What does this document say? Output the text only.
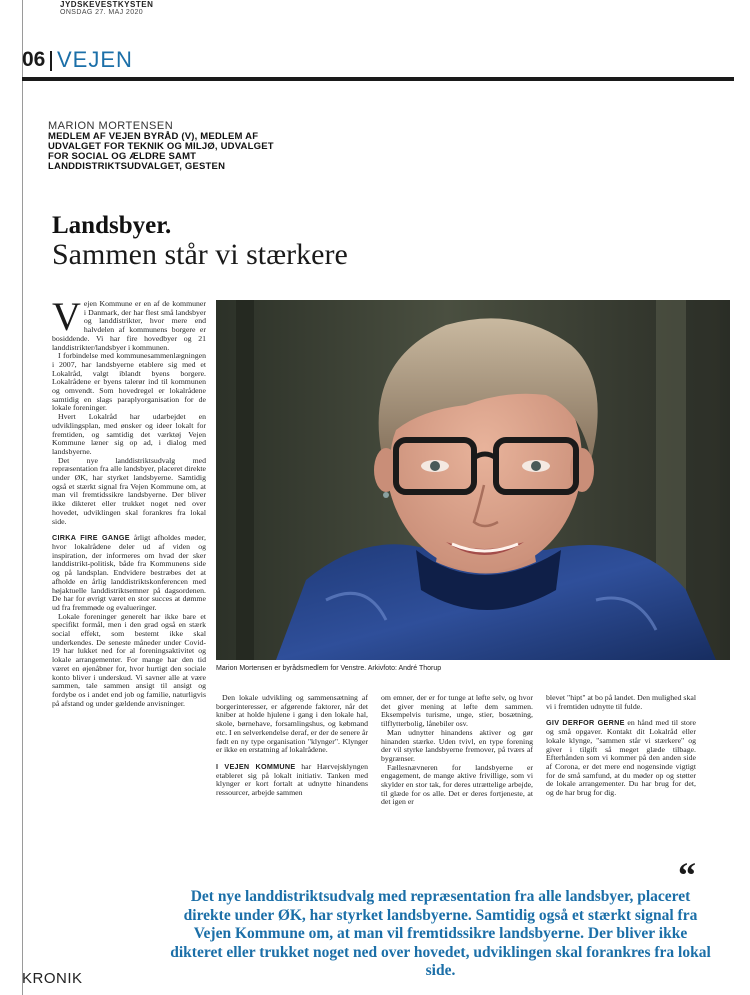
JYDSKEVESTKYSTEN
ONSDAG 27. MAJ 2020
06 VEJEN
MARION MORTENSEN
MEDLEM AF VEJEN BYRÅD (V), MEDLEM AF UDVALGET FOR TEKNIK OG MILJØ, UDVALGET FOR SOCIAL OG ÆLDRE SAMT LANDDISTRIKTSUDVALGET, GESTEN
Landsbyer.
Sammen står vi stærkere

Vejen Kommune er en af de kommuner i Danmark, der har flest små landsbyer og landdistrikter, hvor mere end halvdelen af kommunens borgere er bosiddende. Vi har fire hovedbyer og 21 landdistrikter/landsbyer i kommunen.

I forbindelse med kommunesammenlægningen i 2007, har landsbyerne etablere sig med et Lokalråd, valgt iblandt byens borgere. Lokalrådene er byens talerør ind til kommunen og omvendt. Som hovedregel er lokalrådene samtidig en slags paraplyorganisation for de lokale foreninger.

Hvert Lokalråd har udarbejdet en udviklingsplan, med ønsker og ideer lokalt for fremtiden, og samtidig det værktøj Vejen Kommune læner sig op ad, i dialog med landsbyerne.

Det nye landdistriktsudvalg med repræsentation fra alle landsbyer, placeret direkte under ØK, har styrket landsbyerne. Samtidig også et stærkt signal fra Vejen Kommune om, at man vil fremtidssikre landsbyerne. Der bliver ikke dikteret eller trukket noget ned over hovedet, udviklingen skal forankres fra lokal side.

CIRKA FIRE GANGE årligt afholdes møder, hvor lokalrådene deler ud af viden og inspiration, der informeres om hvad der sker landdistrikt-politisk, både fra Kommunens side og på landsplan. Endvidere bestræbes det at afholde en årlig landdistriktskonferencen med højaktuelle landdistriktsemner på dagsordenen. De har for øvrigt været en stor succes at dømme ud fra fremmøde og evalueringer.

Lokale foreninger generelt har ikke bare et specifikt formål, men i den grad også en stærk social effekt, som bestemt ikke skal underkendes. De seneste måneder under Covid-19 har lukket ned for al foreningsaktivitet og lokale arrangementer. For mange har den tid været en øjenåbner for, hvor hurtigt den sociale konto bliver i underskud. Vi savner alle at være sammen, tale sammen ansigt til ansigt og fordybe os i andet end job og familie, naturligvis på afstand og under gældende anvisninger.

Marion Mortensen er byrådsmedlem for Venstre. Arkivfoto: André Thorup

Den lokale udvikling og sammensætning af borgerinteresser, er afgørende faktorer, når det kniber at holde hjulene i gang i den lokale hal, skole, børnehave, forsamlingshus, og købmand etc. I en selverkendelse deraf, er der de senere år født en ny type organisation "klynger". Klynger er ikke en erstatning af lokalrådene.

I VEJEN KOMMUNE har Hærvejsklyngen etableret sig på lokalt initiativ. Tanken med klynger er kort fortalt at udnytte hinandens ressourcer, arbejde sammen

om emner, der er for tunge at løfte selv, og hvor det giver mening at løfte dem sammen. Eksempelvis turisme, unge, stier, bosætning, tilflytterbolig, lånebiler osv.

Man udnytter hinandens aktiver og gør hinanden stærke. Uden tvivl, en type forening der vil styrke landsbyerne fremover, på tværs af bygrænser.

Fællesnævneren for landsbyerne er engagement, de mange aktive frivillige, som vi skylder en stor tak, for deres utrættelige arbejde, til glæde for os alle. Det er deres fortjeneste, at det igen er

blevet "hipt" at bo på landet. Den mulighed skal vi i fremtiden udnytte til fulde.

GIV DERFOR GERNE en hånd med til store og små opgaver. Kontakt dit Lokalråd eller lokale klynge, "sammen står vi stærkere" og giver i tilgift så meget glæde tilbage. Efterhånden som vi kommer på den anden side af Corona, er det mere end nogensinde vigtigt for de små samfund, at du møder op og støtter de lokale arrangementer. Du har brug for det, og de har brug for dig.

“
Det nye landdistriktsudvalg med repræsentation fra alle landsbyer, placeret direkte under ØK, har styrket landsbyerne. Samtidig også et stærkt signal fra Vejen Kommune om, at man vil fremtidssikre landsbyerne. Der bliver ikke dikteret eller trukket noget ned over hovedet, udviklingen skal forankres fra lokal side.
KRONIK
